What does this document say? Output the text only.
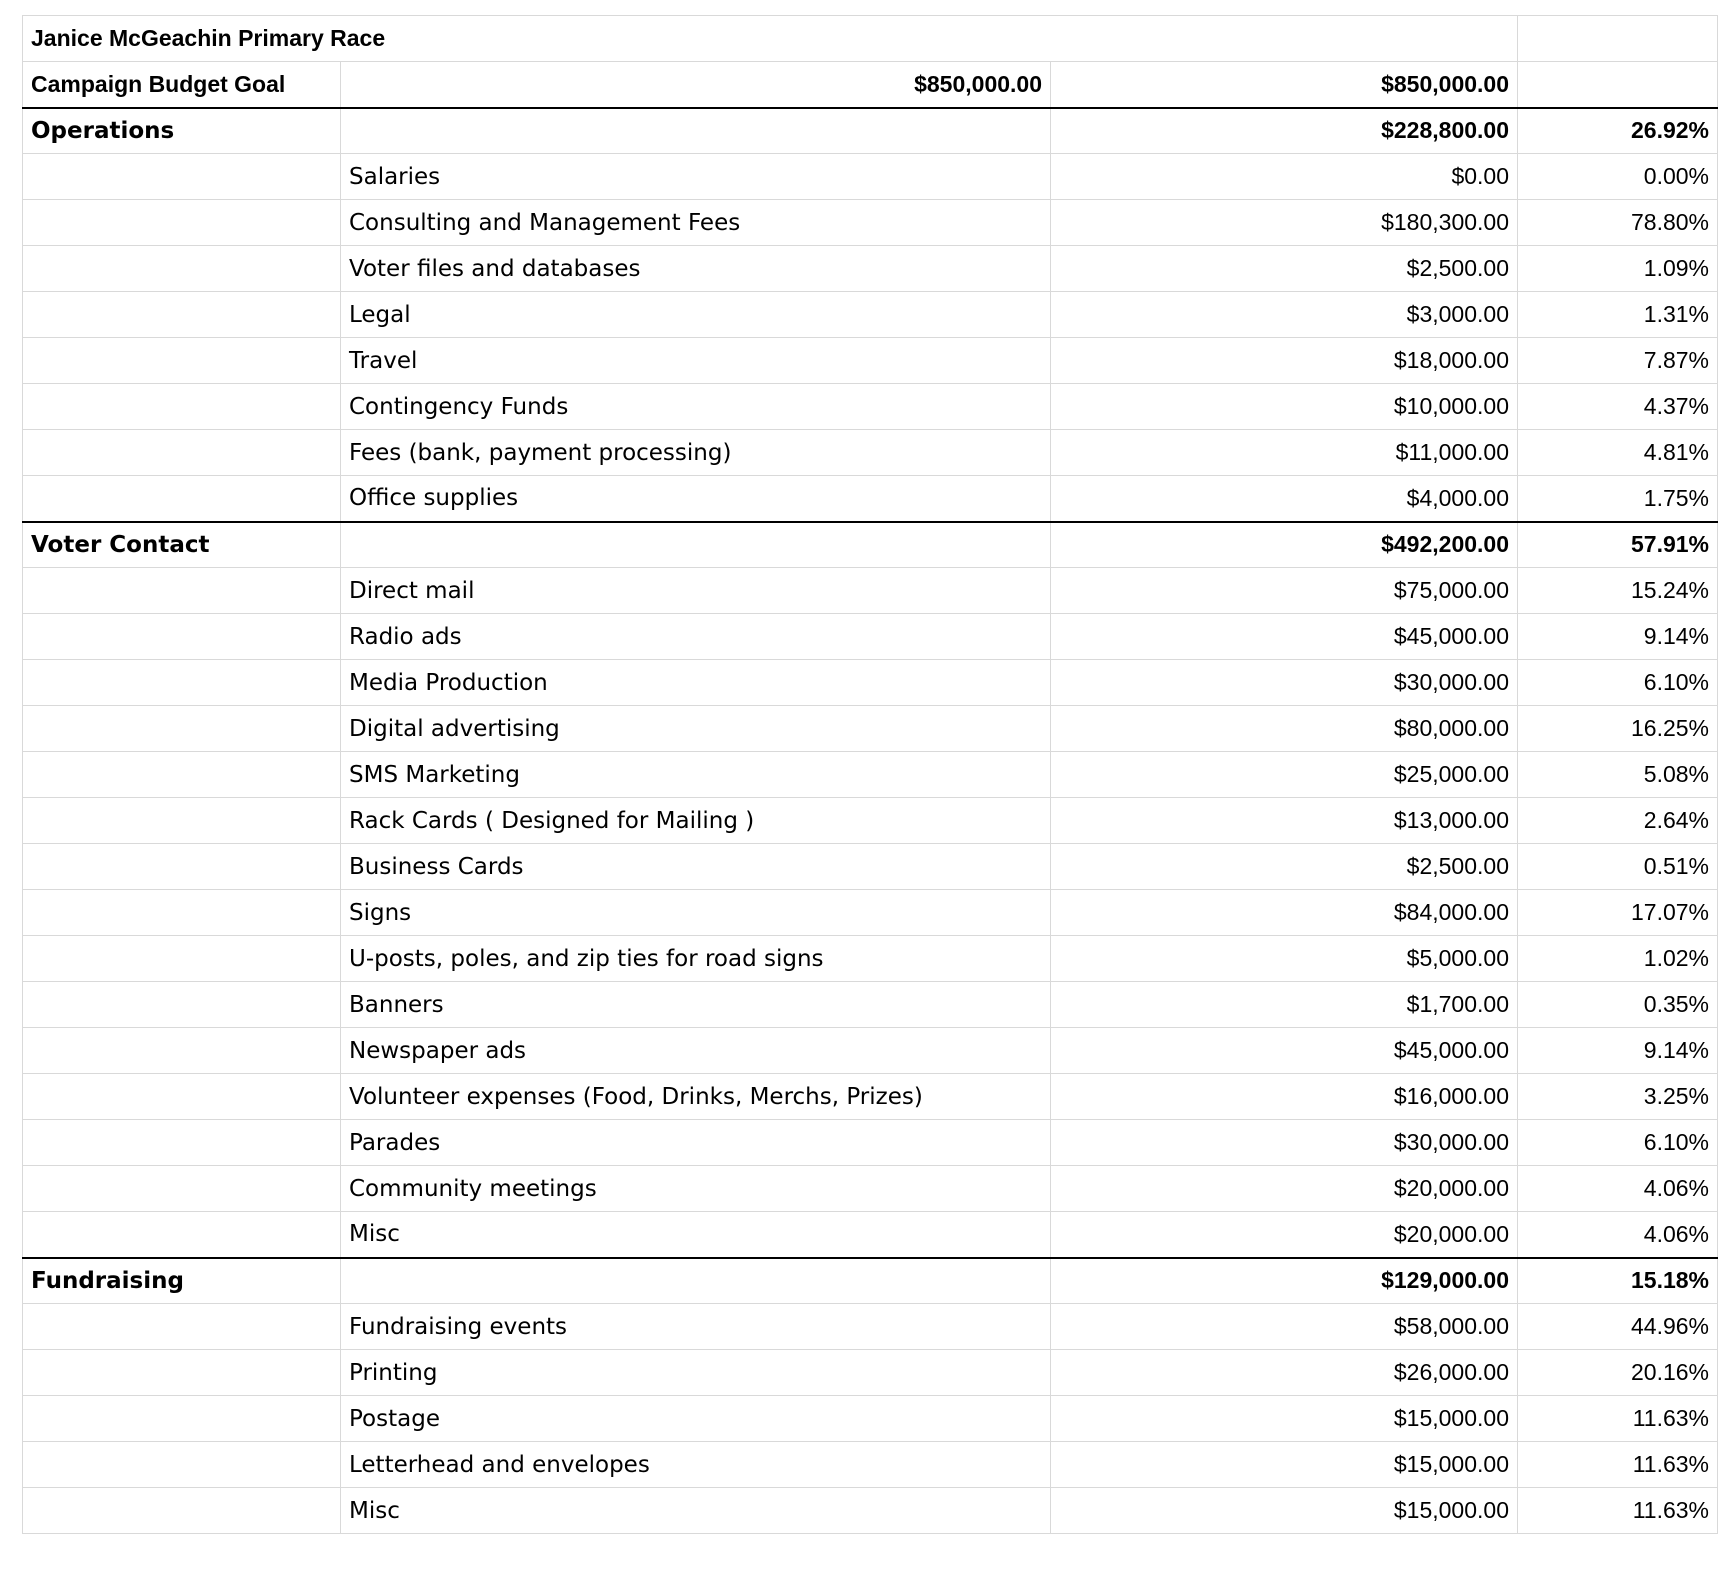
Janice McGeachin Primary Race			
Campaign Budget Goal	$850,000.00	$850,000.00	
Operations		$228,800.00	26.92%
	Salaries	$0.00	0.00%
	Consulting and Management Fees	$180,300.00	78.80%
	Voter files and databases	$2,500.00	1.09%
	Legal	$3,000.00	1.31%
	Travel	$18,000.00	7.87%
	Contingency Funds	$10,000.00	4.37%
	Fees (bank, payment processing)	$11,000.00	4.81%
	Office supplies	$4,000.00	1.75%
Voter Contact		$492,200.00	57.91%
	Direct mail	$75,000.00	15.24%
	Radio ads	$45,000.00	9.14%
	Media Production	$30,000.00	6.10%
	Digital advertising	$80,000.00	16.25%
	SMS Marketing	$25,000.00	5.08%
	Rack Cards ( Designed for Mailing )	$13,000.00	2.64%
	Business Cards	$2,500.00	0.51%
	Signs	$84,000.00	17.07%
	U-posts, poles, and zip ties for road signs	$5,000.00	1.02%
	Banners	$1,700.00	0.35%
	Newspaper ads	$45,000.00	9.14%
	Volunteer expenses (Food, Drinks, Merchs, Prizes)	$16,000.00	3.25%
	Parades	$30,000.00	6.10%
	Community meetings	$20,000.00	4.06%
	Misc	$20,000.00	4.06%
Fundraising		$129,000.00	15.18%
	Fundraising events	$58,000.00	44.96%
	Printing	$26,000.00	20.16%
	Postage	$15,000.00	11.63%
	Letterhead and envelopes	$15,000.00	11.63%
	Misc	$15,000.00	11.63%
